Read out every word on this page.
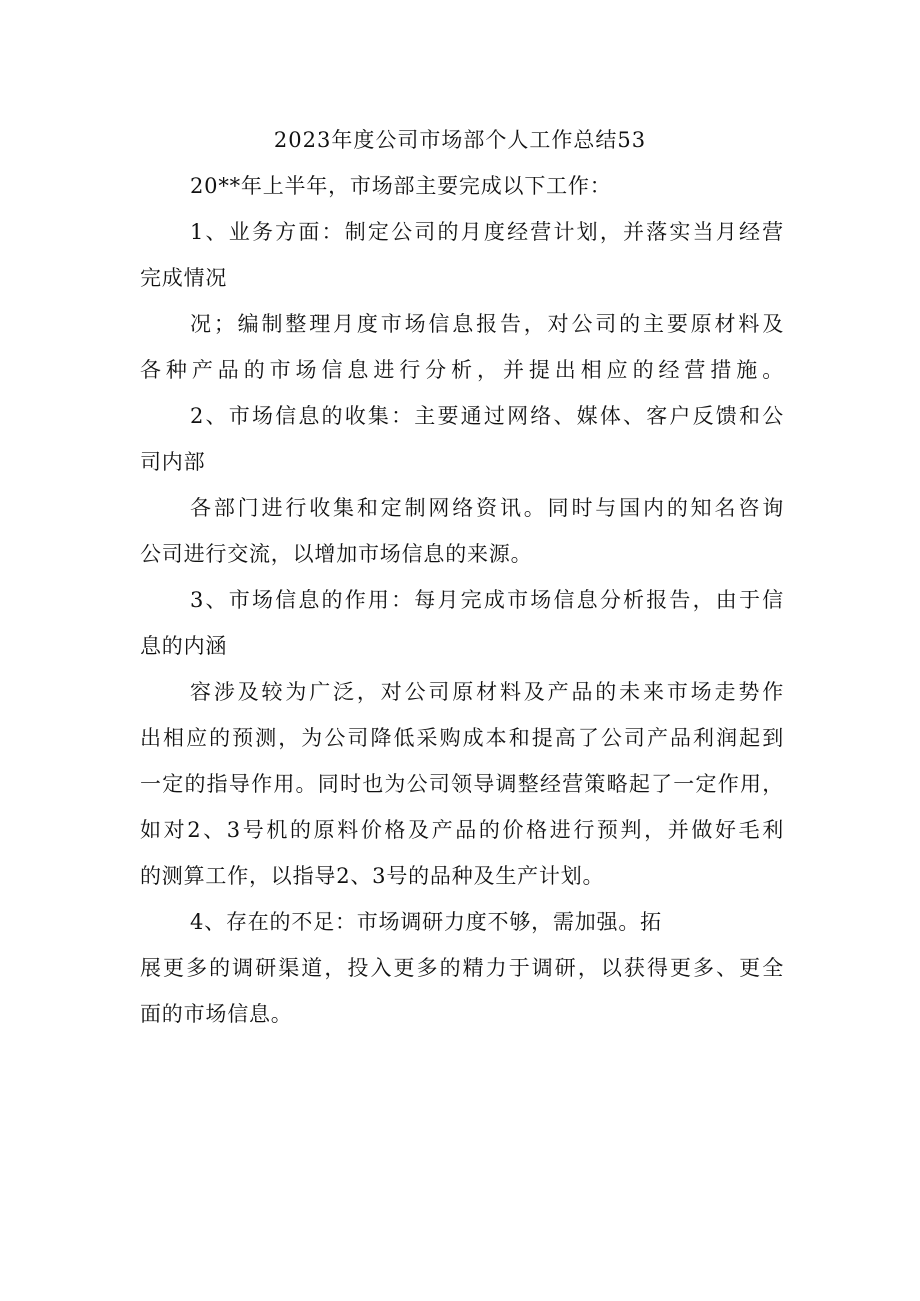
2023年度公司市场部个人工作总结53
20**年上半年，市场部主要完成以下工作：
1、业务方面：制定公司的月度经营计划，并落实当月经营
完成情况
况；编制整理月度市场信息报告，对公司的主要原材料及
各种产品的市场信息进行分析，并提出相应的经营措施。
2、市场信息的收集：主要通过网络、媒体、客户反馈和公
司内部
各部门进行收集和定制网络资讯。同时与国内的知名咨询
公司进行交流，以增加市场信息的来源。
3、市场信息的作用：每月完成市场信息分析报告，由于信
息的内涵
容涉及较为广泛，对公司原材料及产品的未来市场走势作
出相应的预测，为公司降低采购成本和提高了公司产品利润起到
一定的指导作用。同时也为公司领导调整经营策略起了一定作用，
如对2、3号机的原料价格及产品的价格进行预判，并做好毛利
的测算工作，以指导2、3号的品种及生产计划。
4、存在的不足：市场调研力度不够，需加强。拓
展更多的调研渠道，投入更多的精力于调研，以获得更多、更全
面的市场信息。
